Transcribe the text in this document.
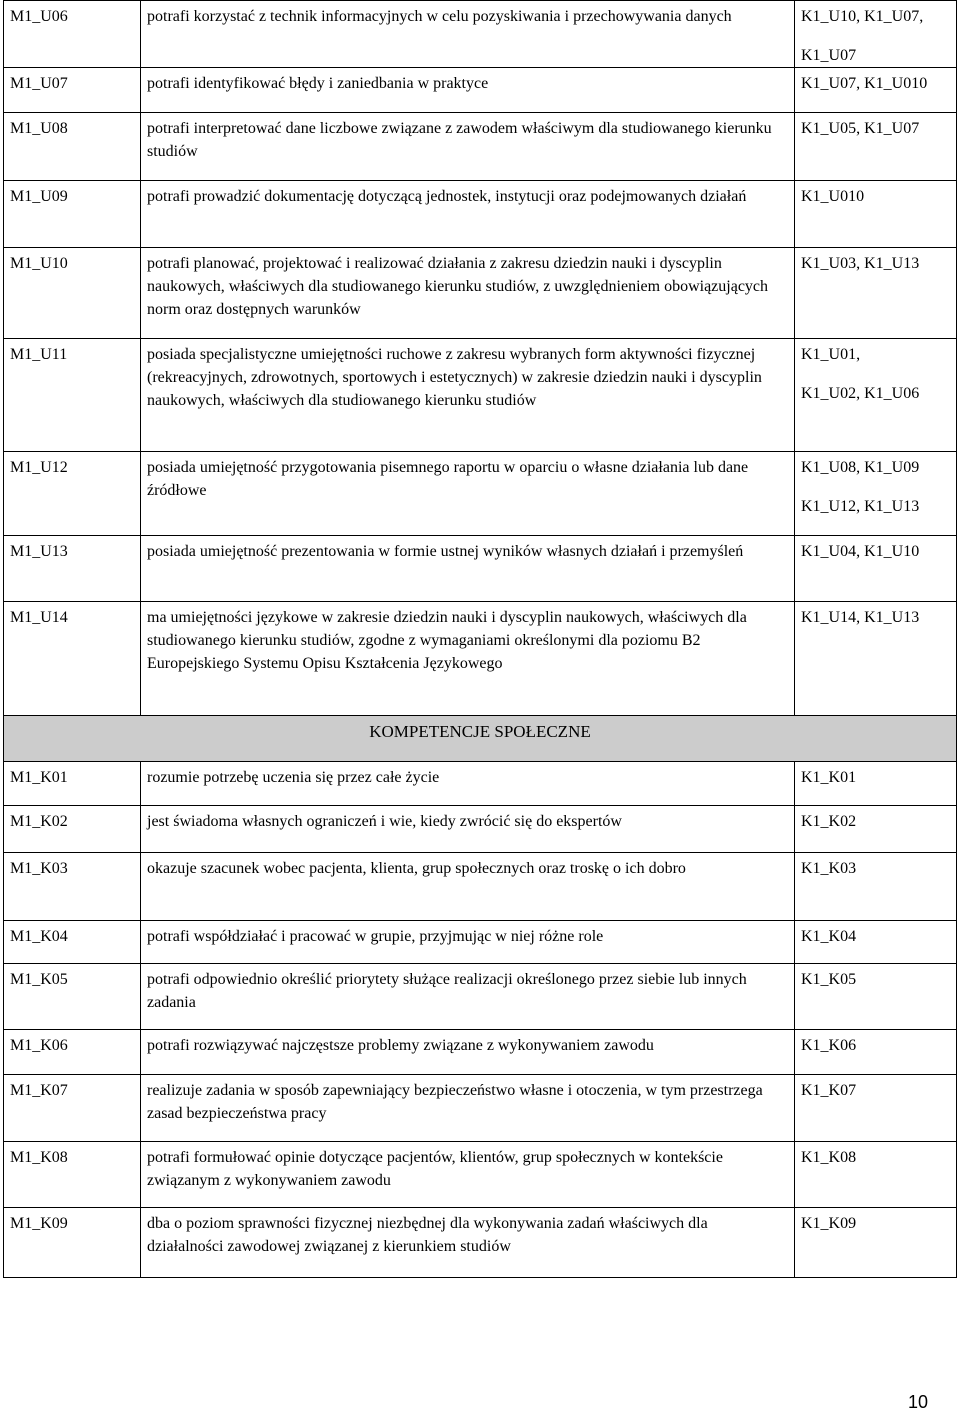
M1_U06	potrafi korzystać z technik informacyjnych w celu pozyskiwania i przechowywania danych	K1_U10, K1_U07,
K1_U07

M1_U07	potrafi identyfikować błędy i zaniedbania w praktyce	K1_U07, K1_U010

M1_U08	potrafi interpretować dane liczbowe związane z zawodem właściwym dla studiowanego kierunku studiów	K1_U05, K1_U07

M1_U09	potrafi prowadzić dokumentację dotyczącą jednostek, instytucji oraz podejmowanych działań	K1_U010

M1_U10	potrafi planować, projektować i realizować działania z zakresu dziedzin nauki i dyscyplin naukowych, właściwych dla studiowanego kierunku studiów, z uwzględnieniem obowiązujących norm oraz dostępnych warunków	K1_U03, K1_U13

M1_U11	posiada specjalistyczne umiejętności ruchowe z zakresu wybranych form aktywności fizycznej (rekreacyjnych, zdrowotnych, sportowych i estetycznych) w zakresie dziedzin nauki i dyscyplin naukowych, właściwych dla studiowanego kierunku studiów	K1_U01,
K1_U02, K1_U06

M1_U12	posiada umiejętność przygotowania pisemnego raportu w oparciu o własne działania lub dane źródłowe	K1_U08, K1_U09
K1_U12, K1_U13

M1_U13	posiada umiejętność prezentowania w formie ustnej wyników własnych działań i przemyśleń	K1_U04, K1_U10

M1_U14	ma umiejętności językowe w zakresie dziedzin nauki i dyscyplin naukowych, właściwych dla studiowanego kierunku studiów, zgodne z wymaganiami określonymi dla poziomu B2 Europejskiego Systemu Opisu Kształcenia Językowego	K1_U14, K1_U13

KOMPETENCJE SPOŁECZNE		
M1_K01	rozumie potrzebę uczenia się przez całe życie	K1_K01

M1_K02	jest świadoma własnych ograniczeń i wie, kiedy zwrócić się do ekspertów	K1_K02

M1_K03	okazuje szacunek wobec pacjenta, klienta, grup społecznych oraz troskę o ich dobro	K1_K03

M1_K04	potrafi współdziałać i pracować w grupie, przyjmując w niej różne role	K1_K04

M1_K05	potrafi odpowiednio określić priorytety służące realizacji określonego przez siebie lub innych zadania	K1_K05

M1_K06	potrafi rozwiązywać najczęstsze problemy związane z wykonywaniem zawodu	K1_K06

M1_K07	realizuje zadania w sposób zapewniający bezpieczeństwo własne i otoczenia, w tym przestrzega zasad bezpieczeństwa pracy	K1_K07

M1_K08	potrafi formułować opinie dotyczące pacjentów, klientów, grup społecznych w kontekście związanym z wykonywaniem zawodu	K1_K08

M1_K09	dba o poziom sprawności fizycznej niezbędnej dla wykonywania zadań właściwych dla działalności zawodowej związanej z kierunkiem studiów	K1_K09
10
